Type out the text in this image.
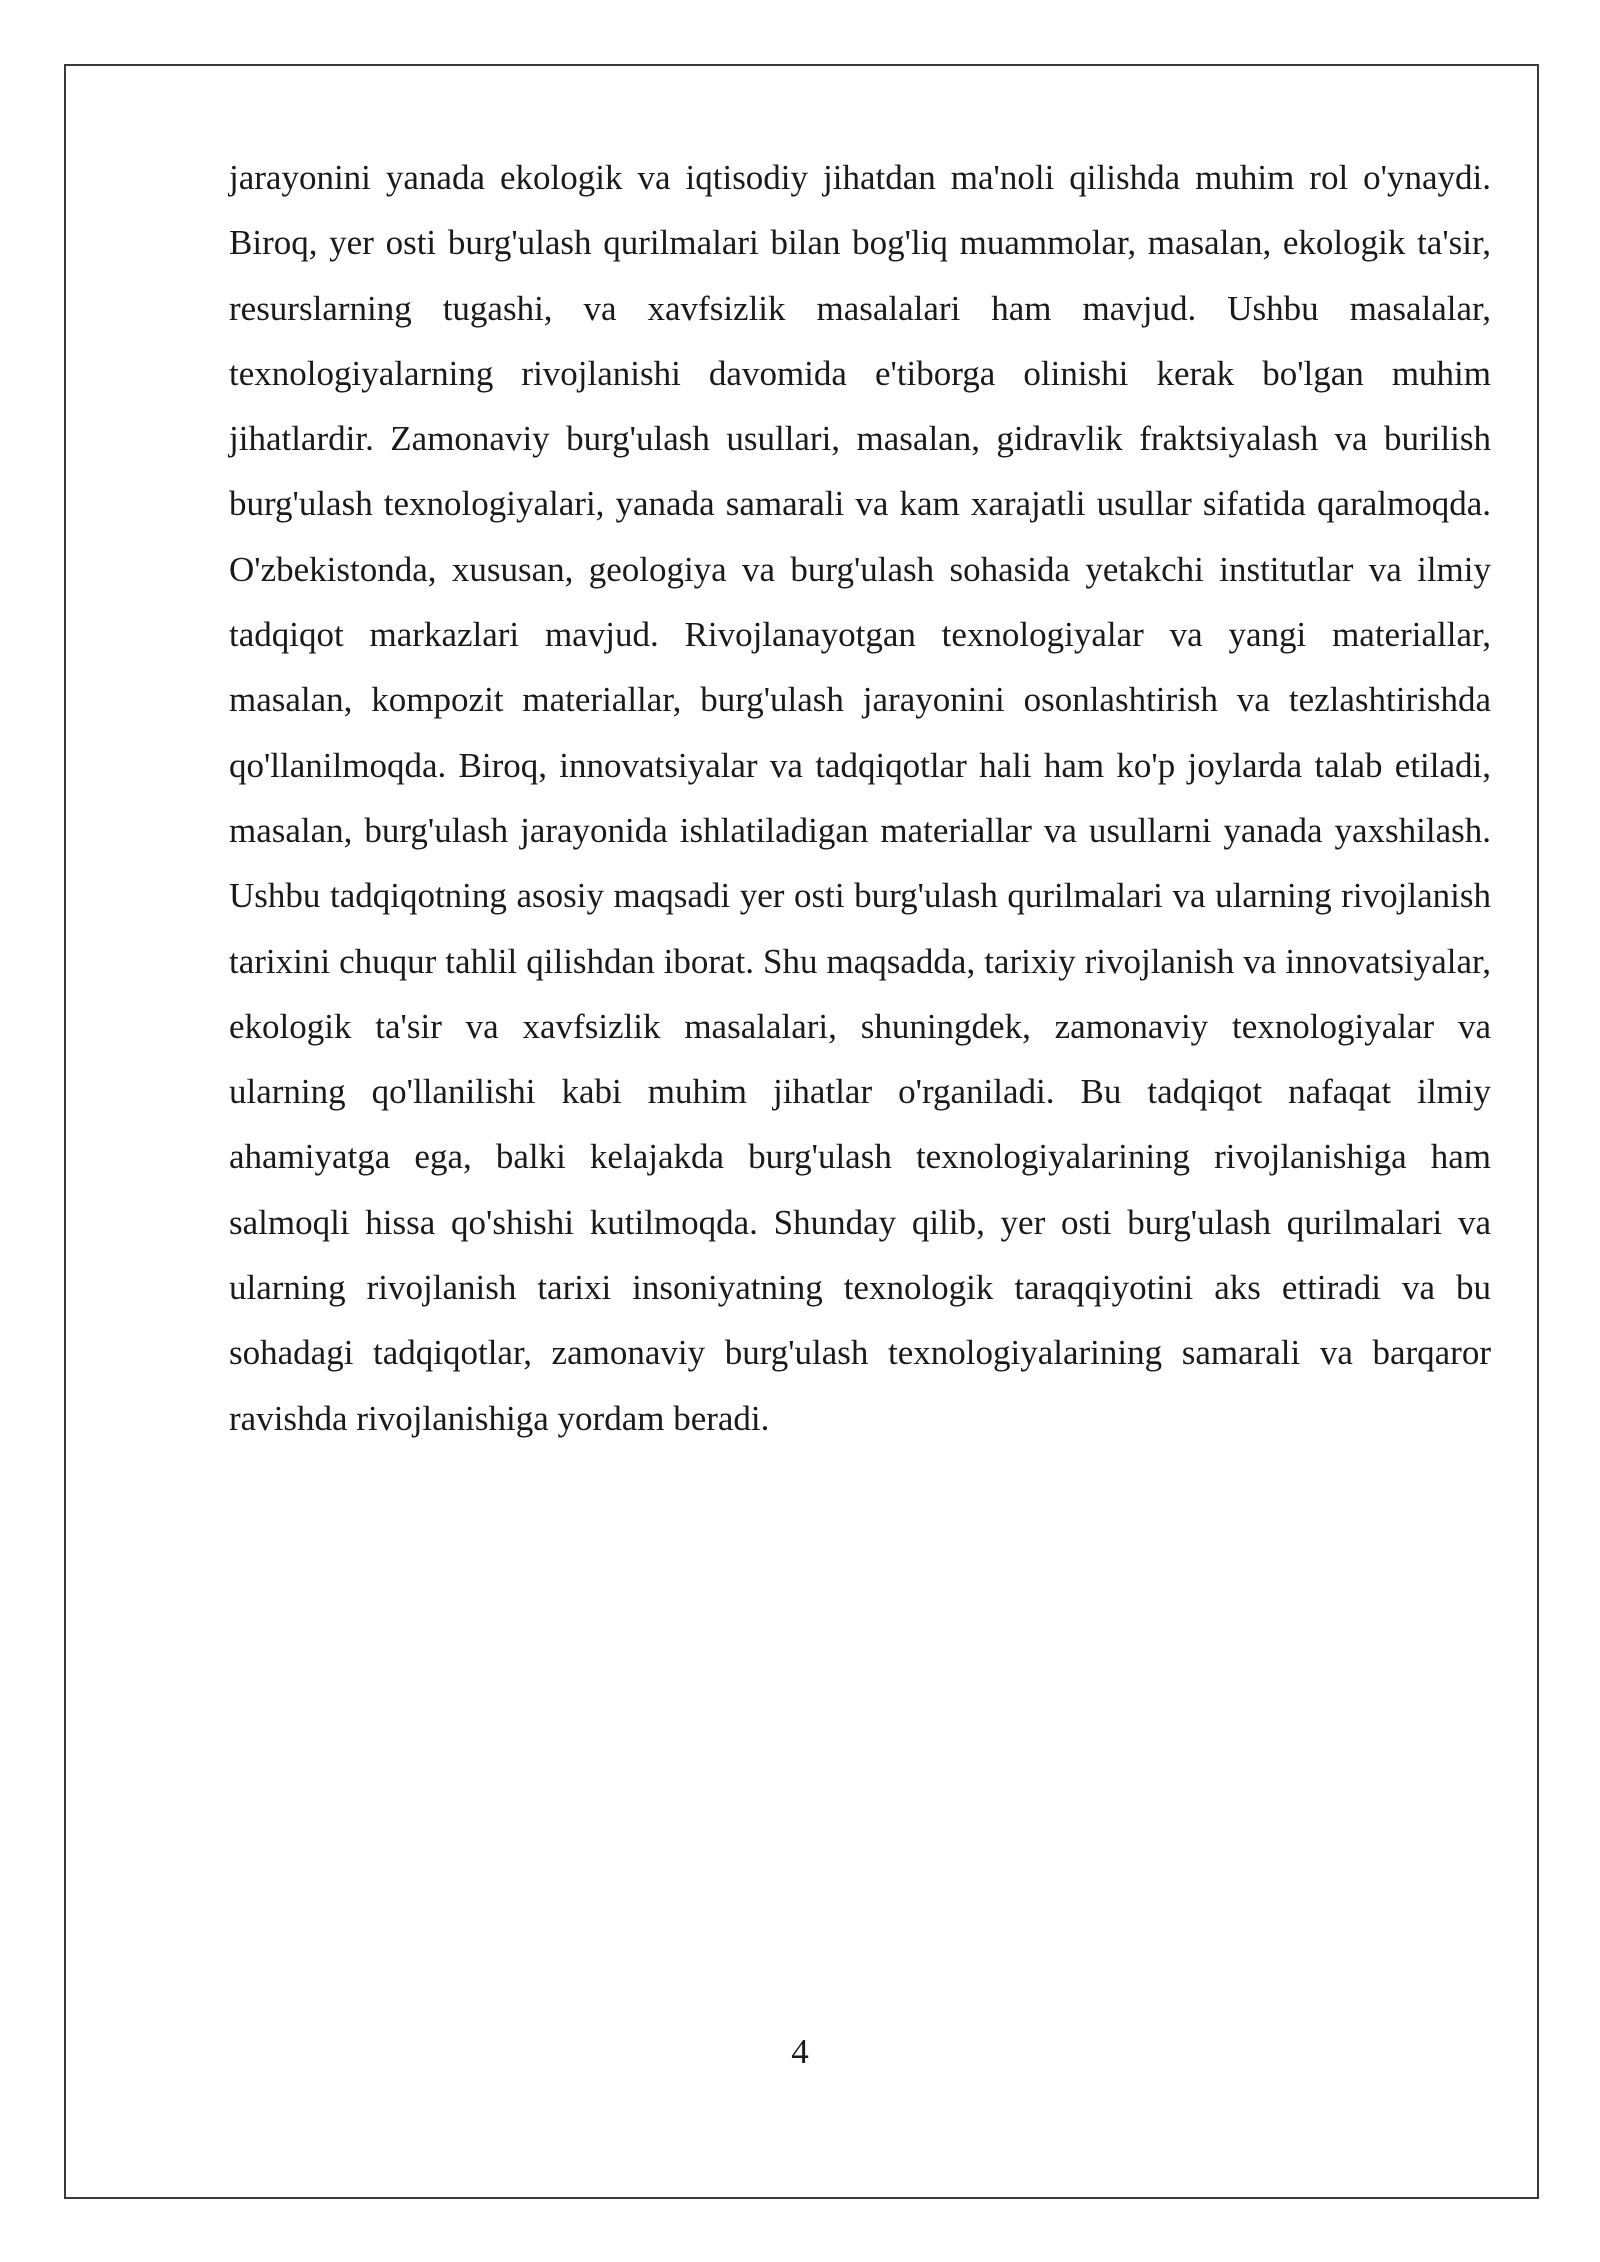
jarayonini yanada ekologik va iqtisodiy jihatdan ma'noli qilishda muhim rol o'ynaydi. Biroq, yer osti burg'ulash qurilmalari bilan bog'liq muammolar, masalan, ekologik ta'sir, resurslarning tugashi, va xavfsizlik masalalari ham mavjud. Ushbu masalalar, texnologiyalarning rivojlanishi davomida e'tiborga olinishi kerak bo'lgan muhim jihatlardir. Zamonaviy burg'ulash usullari, masalan, gidravlik fraktsiyalash va burilish burg'ulash texnologiyalari, yanada samarali va kam xarajatli usullar sifatida qaralmoqda. O'zbekistonda, xususan, geologiya va burg'ulash sohasida yetakchi institutlar va ilmiy tadqiqot markazlari mavjud. Rivojlanayotgan texnologiyalar va yangi materiallar, masalan, kompozit materiallar, burg'ulash jarayonini osonlashtirish va tezlashtirishda qo'llanilmoqda. Biroq, innovatsiyalar va tadqiqotlar hali ham ko'p joylarda talab etiladi, masalan, burg'ulash jarayonida ishlatiladigan materiallar va usullarni yanada yaxshilash. Ushbu tadqiqotning asosiy maqsadi yer osti burg'ulash qurilmalari va ularning rivojlanish tarixini chuqur tahlil qilishdan iborat. Shu maqsadda, tarixiy rivojlanish va innovatsiyalar, ekologik ta'sir va xavfsizlik masalalari, shuningdek, zamonaviy texnologiyalar va ularning qo'llanilishi kabi muhim jihatlar o'rganiladi. Bu tadqiqot nafaqat ilmiy ahamiyatga ega, balki kelajakda burg'ulash texnologiyalarining rivojlanishiga ham salmoqli hissa qo'shishi kutilmoqda. Shunday qilib, yer osti burg'ulash qurilmalari va ularning rivojlanish tarixi insoniyatning texnologik taraqqiyotini aks ettiradi va bu sohadagi tadqiqotlar, zamonaviy burg'ulash texnologiyalarining samarali va barqaror ravishda rivojlanishiga yordam beradi.

4
